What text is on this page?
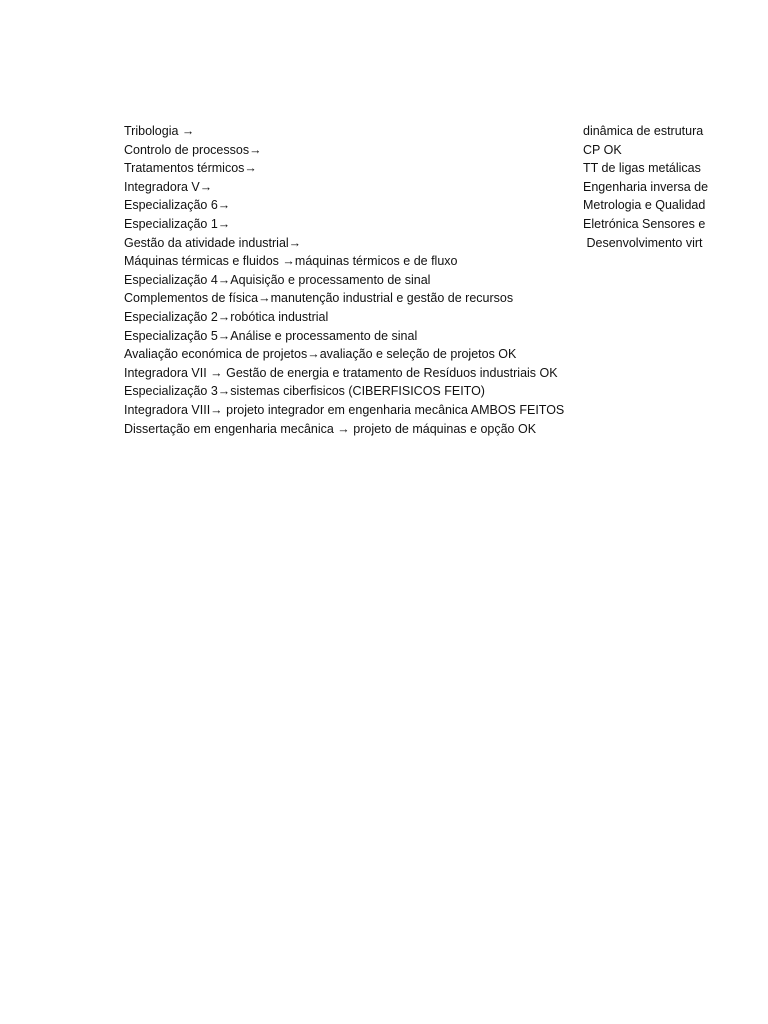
Tribologia →
Controlo de processos→
Tratamentos térmicos→
Integradora V→
Especialização 6→
Especialização 1→
Gestão da atividade industrial→
Máquinas térmicas e fluidos →máquinas térmicos e de fluxo
Especialização 4→Aquisição e processamento de sinal
Complementos de física→manutenção industrial e gestão de recursos
Especialização 2→robótica industrial
Especialização 5→Análise e processamento de sinal
Avaliação económica de projetos→avaliação e seleção de projetos OK
Integradora VII → Gestão de energia e tratamento de Resíduos industriais OK
Especialização 3→sistemas ciberfisicos (CIBERFISICOS FEITO)
Integradora VIII→ projeto integrador em engenharia mecânica AMBOS FEITOS
Dissertação em engenharia mecânica → projeto de máquinas e opção OK
dinâmica de estrutura
CP OK
TT de ligas metálicas
Engenharia inversa de
Metrologia e Qualidad
Eletrónica Sensores e
Desenvolvimento virt
